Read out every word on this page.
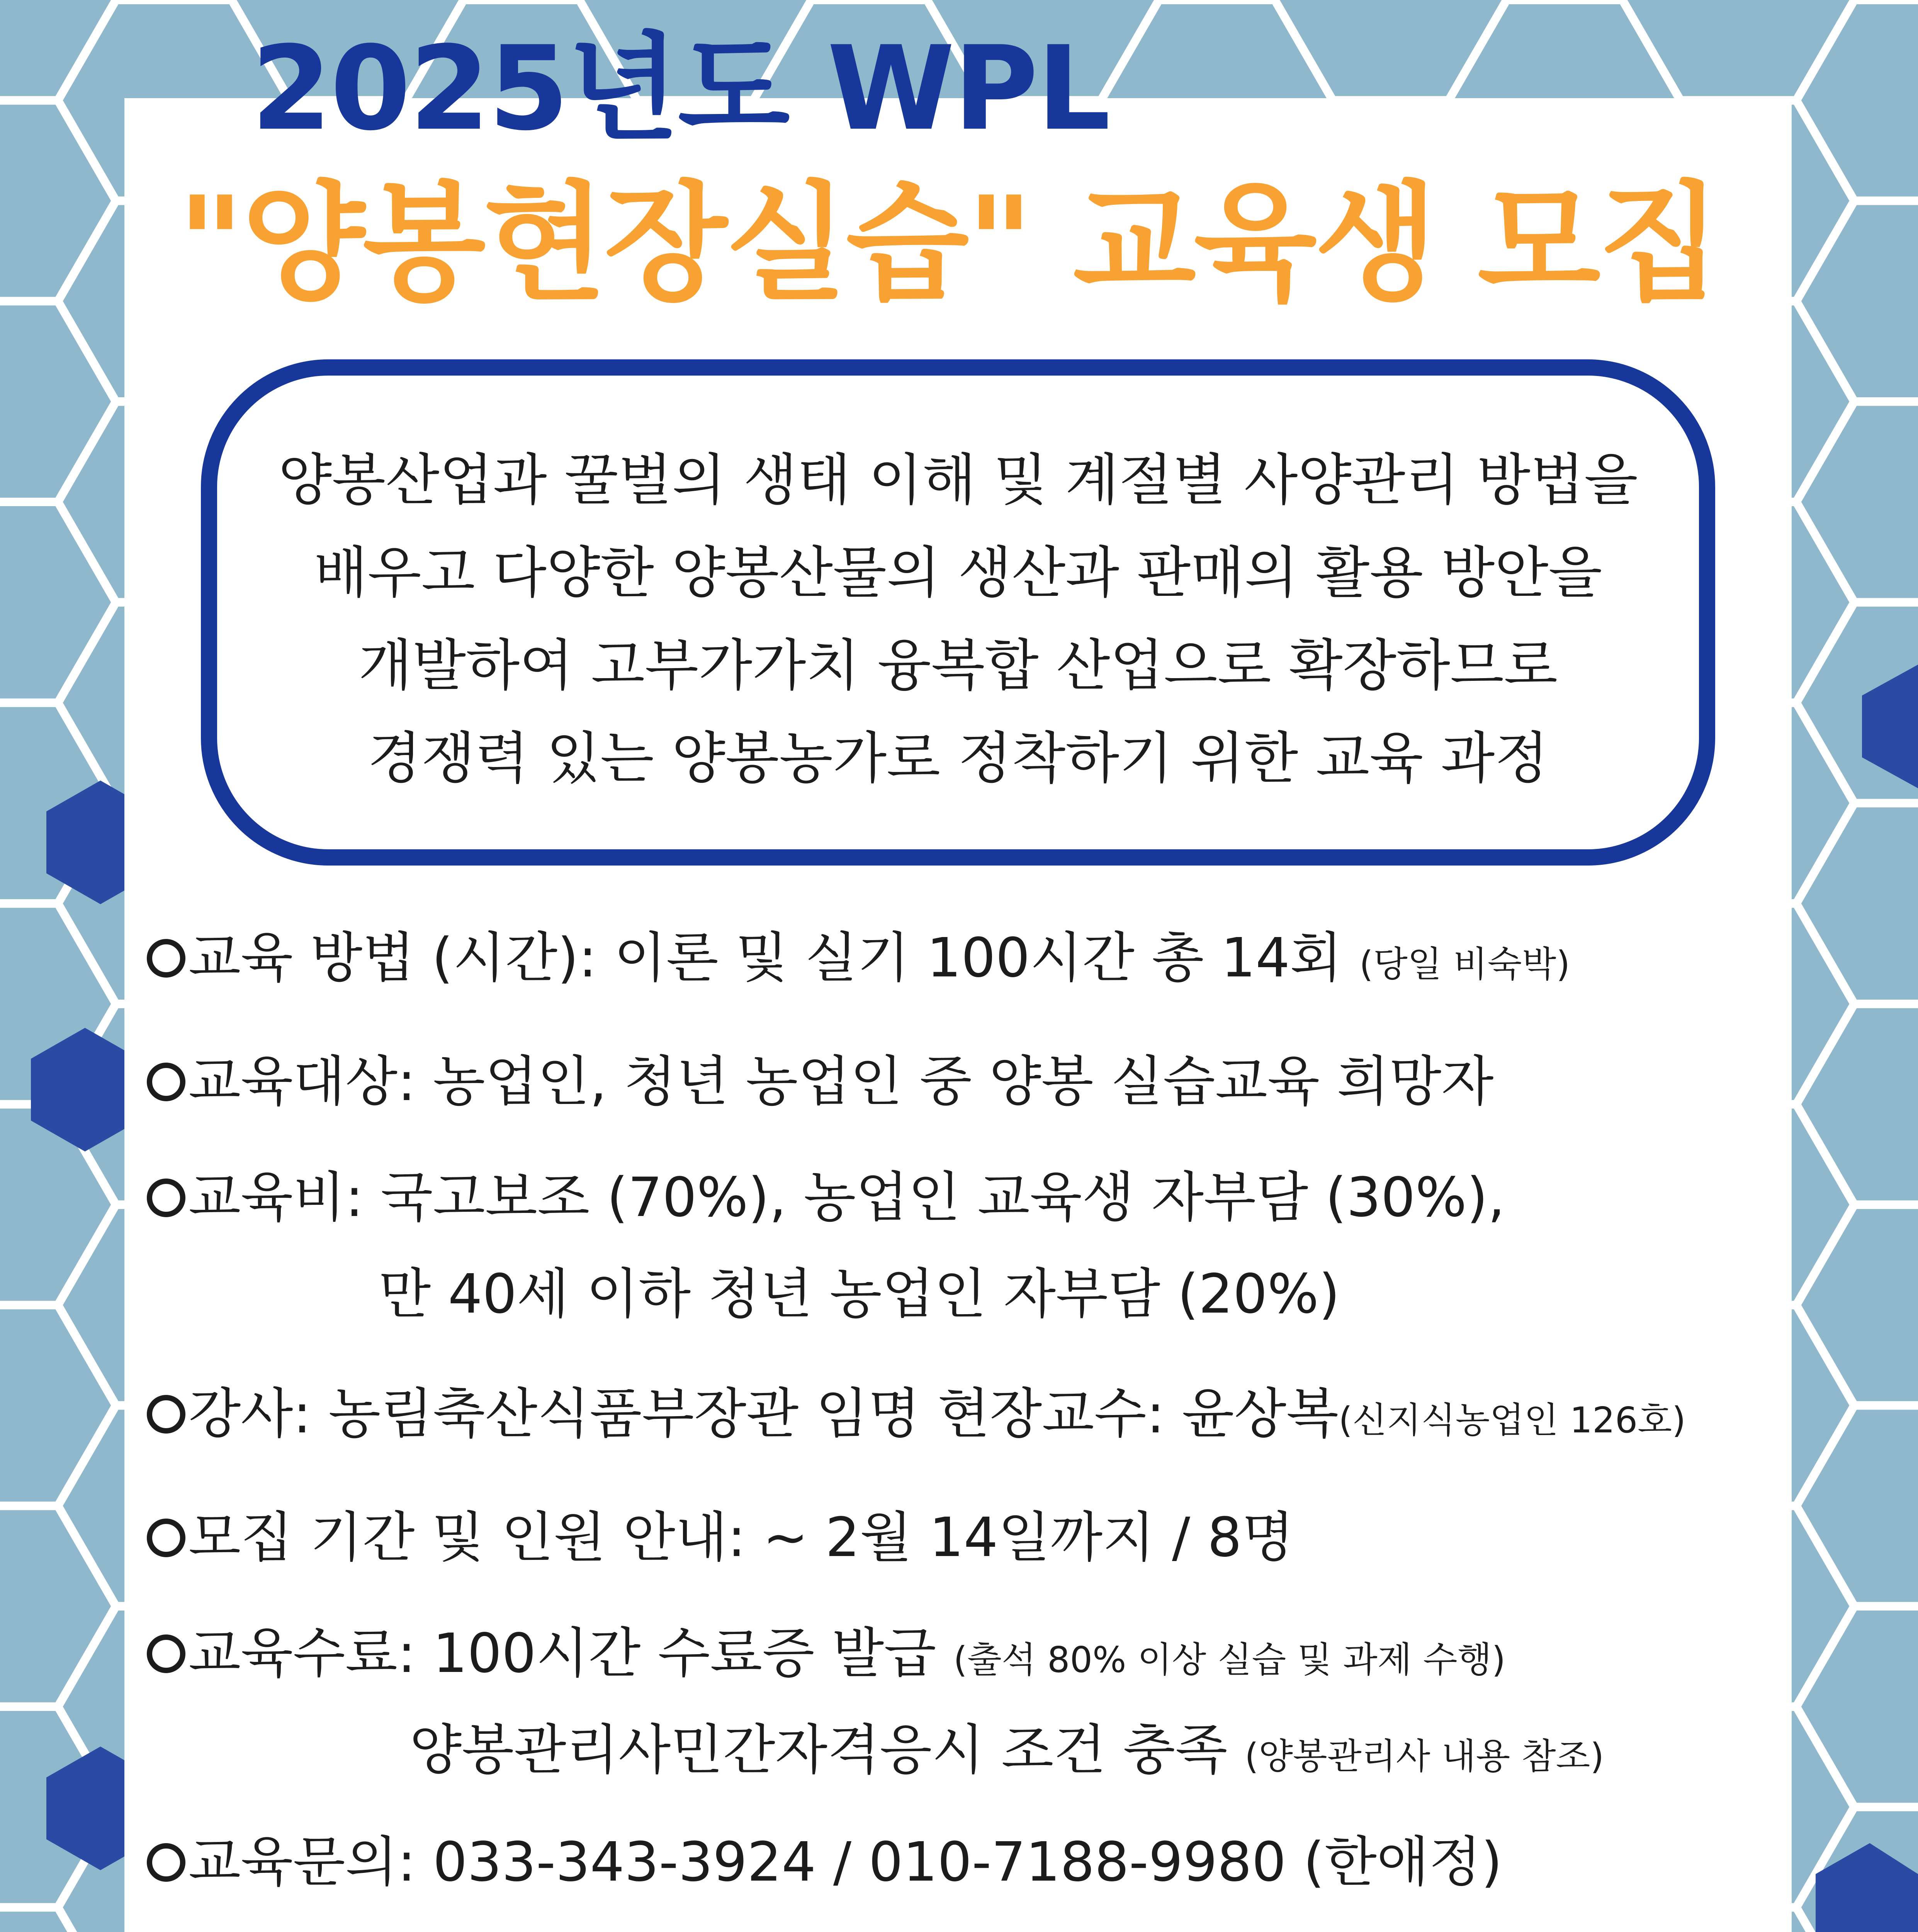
2025년도 WPL
"양봉현장실습" 교육생 모집
양봉산업과 꿀벌의 생태 이해 및 계절별 사양관리 방법을
배우고 다양한 양봉산물의 생산과 판매의 활용 방안을
개발하여 고부가가치 융복합 산업으로 확장하므로
경쟁력 있는 양봉농가로 정착하기 위한 교육 과정
교육 방법 (시간): 이론 및 실기 100시간 총 14회 (당일 비숙박)
교육대상: 농업인, 청년 농업인 중 양봉 실습교육 희망자
교육비: 국고보조 (70%), 농업인 교육생 자부담 (30%),
만 40세 이하 청년 농업인 자부담 (20%)
강사: 농림축산식품부장관 임명 현장교수: 윤상복(신지식농업인 126호)
모집 기간 및 인원 안내: ~ 2월 14일까지 / 8명
교육수료: 100시간 수료증 발급 (출석 80% 이상 실습 및 과제 수행)
양봉관리사민간자격응시 조건 충족 (양봉관리사 내용 참조)
교육문의: 033-343-3924 / 010-7188-9980 (한애정)
